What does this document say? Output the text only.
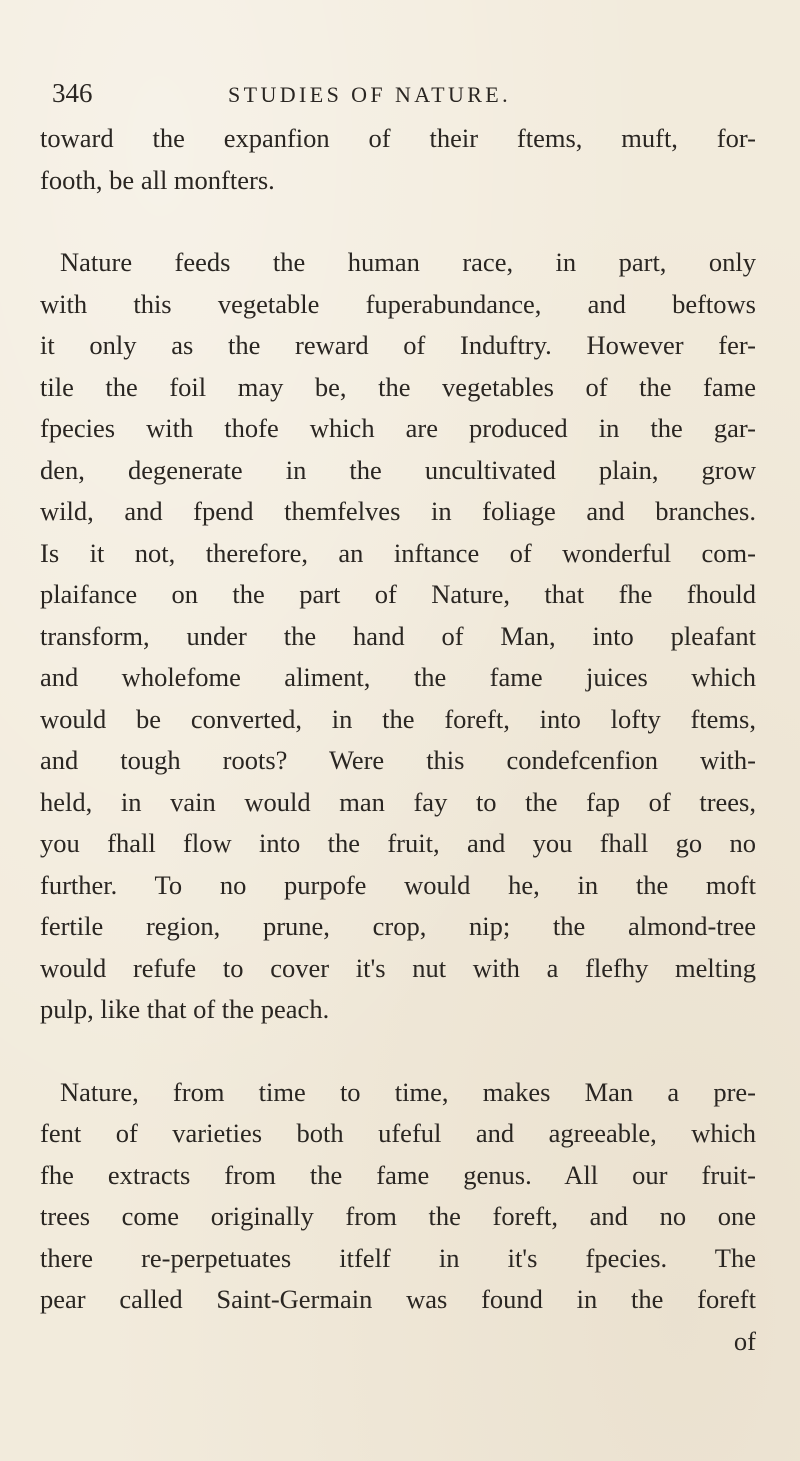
346	STUDIES OF NATURE.
toward the expanfion of their ftems, muft, for-
footh, be all monfters.
Nature feeds the human race, in part, only
with this vegetable fuperabundance, and beftows
it only as the reward of Induftry. However fer-
tile the foil may be, the vegetables of the fame
fpecies with thofe which are produced in the gar-
den, degenerate in the uncultivated plain, grow
wild, and fpend themfelves in foliage and branches.
Is it not, therefore, an inftance of wonderful com-
plaifance on the part of Nature, that fhe fhould
transform, under the hand of Man, into pleafant
and wholefome aliment, the fame juices which
would be converted, in the foreft, into lofty ftems,
and tough roots? Were this condefcenfion with-
held, in vain would man fay to the fap of trees,
you fhall flow into the fruit, and you fhall go no
further. To no purpofe would he, in the moft
fertile region, prune, crop, nip; the almond-tree
would refufe to cover it's nut with a flefhy melting
pulp, like that of the peach.
Nature, from time to time, makes Man a pre-
fent of varieties both ufeful and agreeable, which
fhe extracts from the fame genus. All our fruit-
trees come originally from the foreft, and no one
there re-perpetuates itfelf in it's fpecies. The
pear called Saint-Germain was found in the foreft
of
